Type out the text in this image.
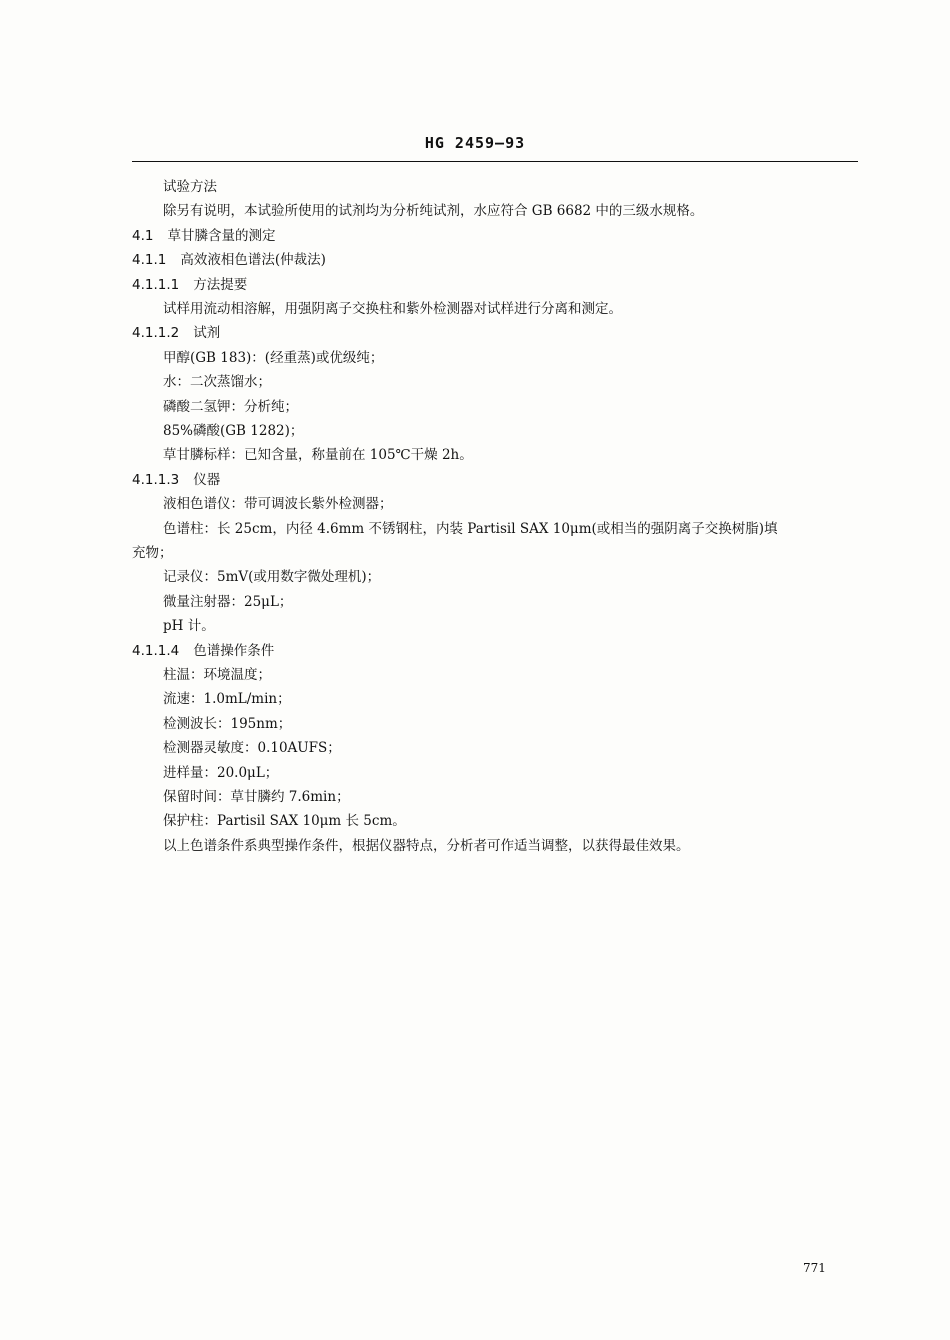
HG 2459—93
试验方法
除另有说明，本试验所使用的试剂均为分析纯试剂，水应符合 GB 6682 中的三级水规格。
4.1 草甘膦含量的测定
4.1.1 高效液相色谱法(仲裁法)
4.1.1.1 方法提要
试样用流动相溶解，用强阴离子交换柱和紫外检测器对试样进行分离和测定。
4.1.1.2 试剂
甲醇(GB 183)：(经重蒸)或优级纯；
水：二次蒸馏水；
磷酸二氢钾：分析纯；
85%磷酸(GB 1282)；
草甘膦标样：已知含量，称量前在 105℃干燥 2h。
4.1.1.3 仪器
液相色谱仪：带可调波长紫外检测器；
色谱柱：长 25cm，内径 4.6mm 不锈钢柱，内装 Partisil SAX 10μm(或相当的强阴离子交换树脂)填
充物；
记录仪：5mV(或用数字微处理机)；
微量注射器：25μL；
pH 计。
4.1.1.4 色谱操作条件
柱温：环境温度；
流速：1.0mL/min；
检测波长：195nm；
检测器灵敏度：0.10AUFS；
进样量：20.0μL；
保留时间：草甘膦约 7.6min；
保护柱：Partisil SAX 10μm 长 5cm。
以上色谱条件系典型操作条件，根据仪器特点，分析者可作适当调整，以获得最佳效果。
771
